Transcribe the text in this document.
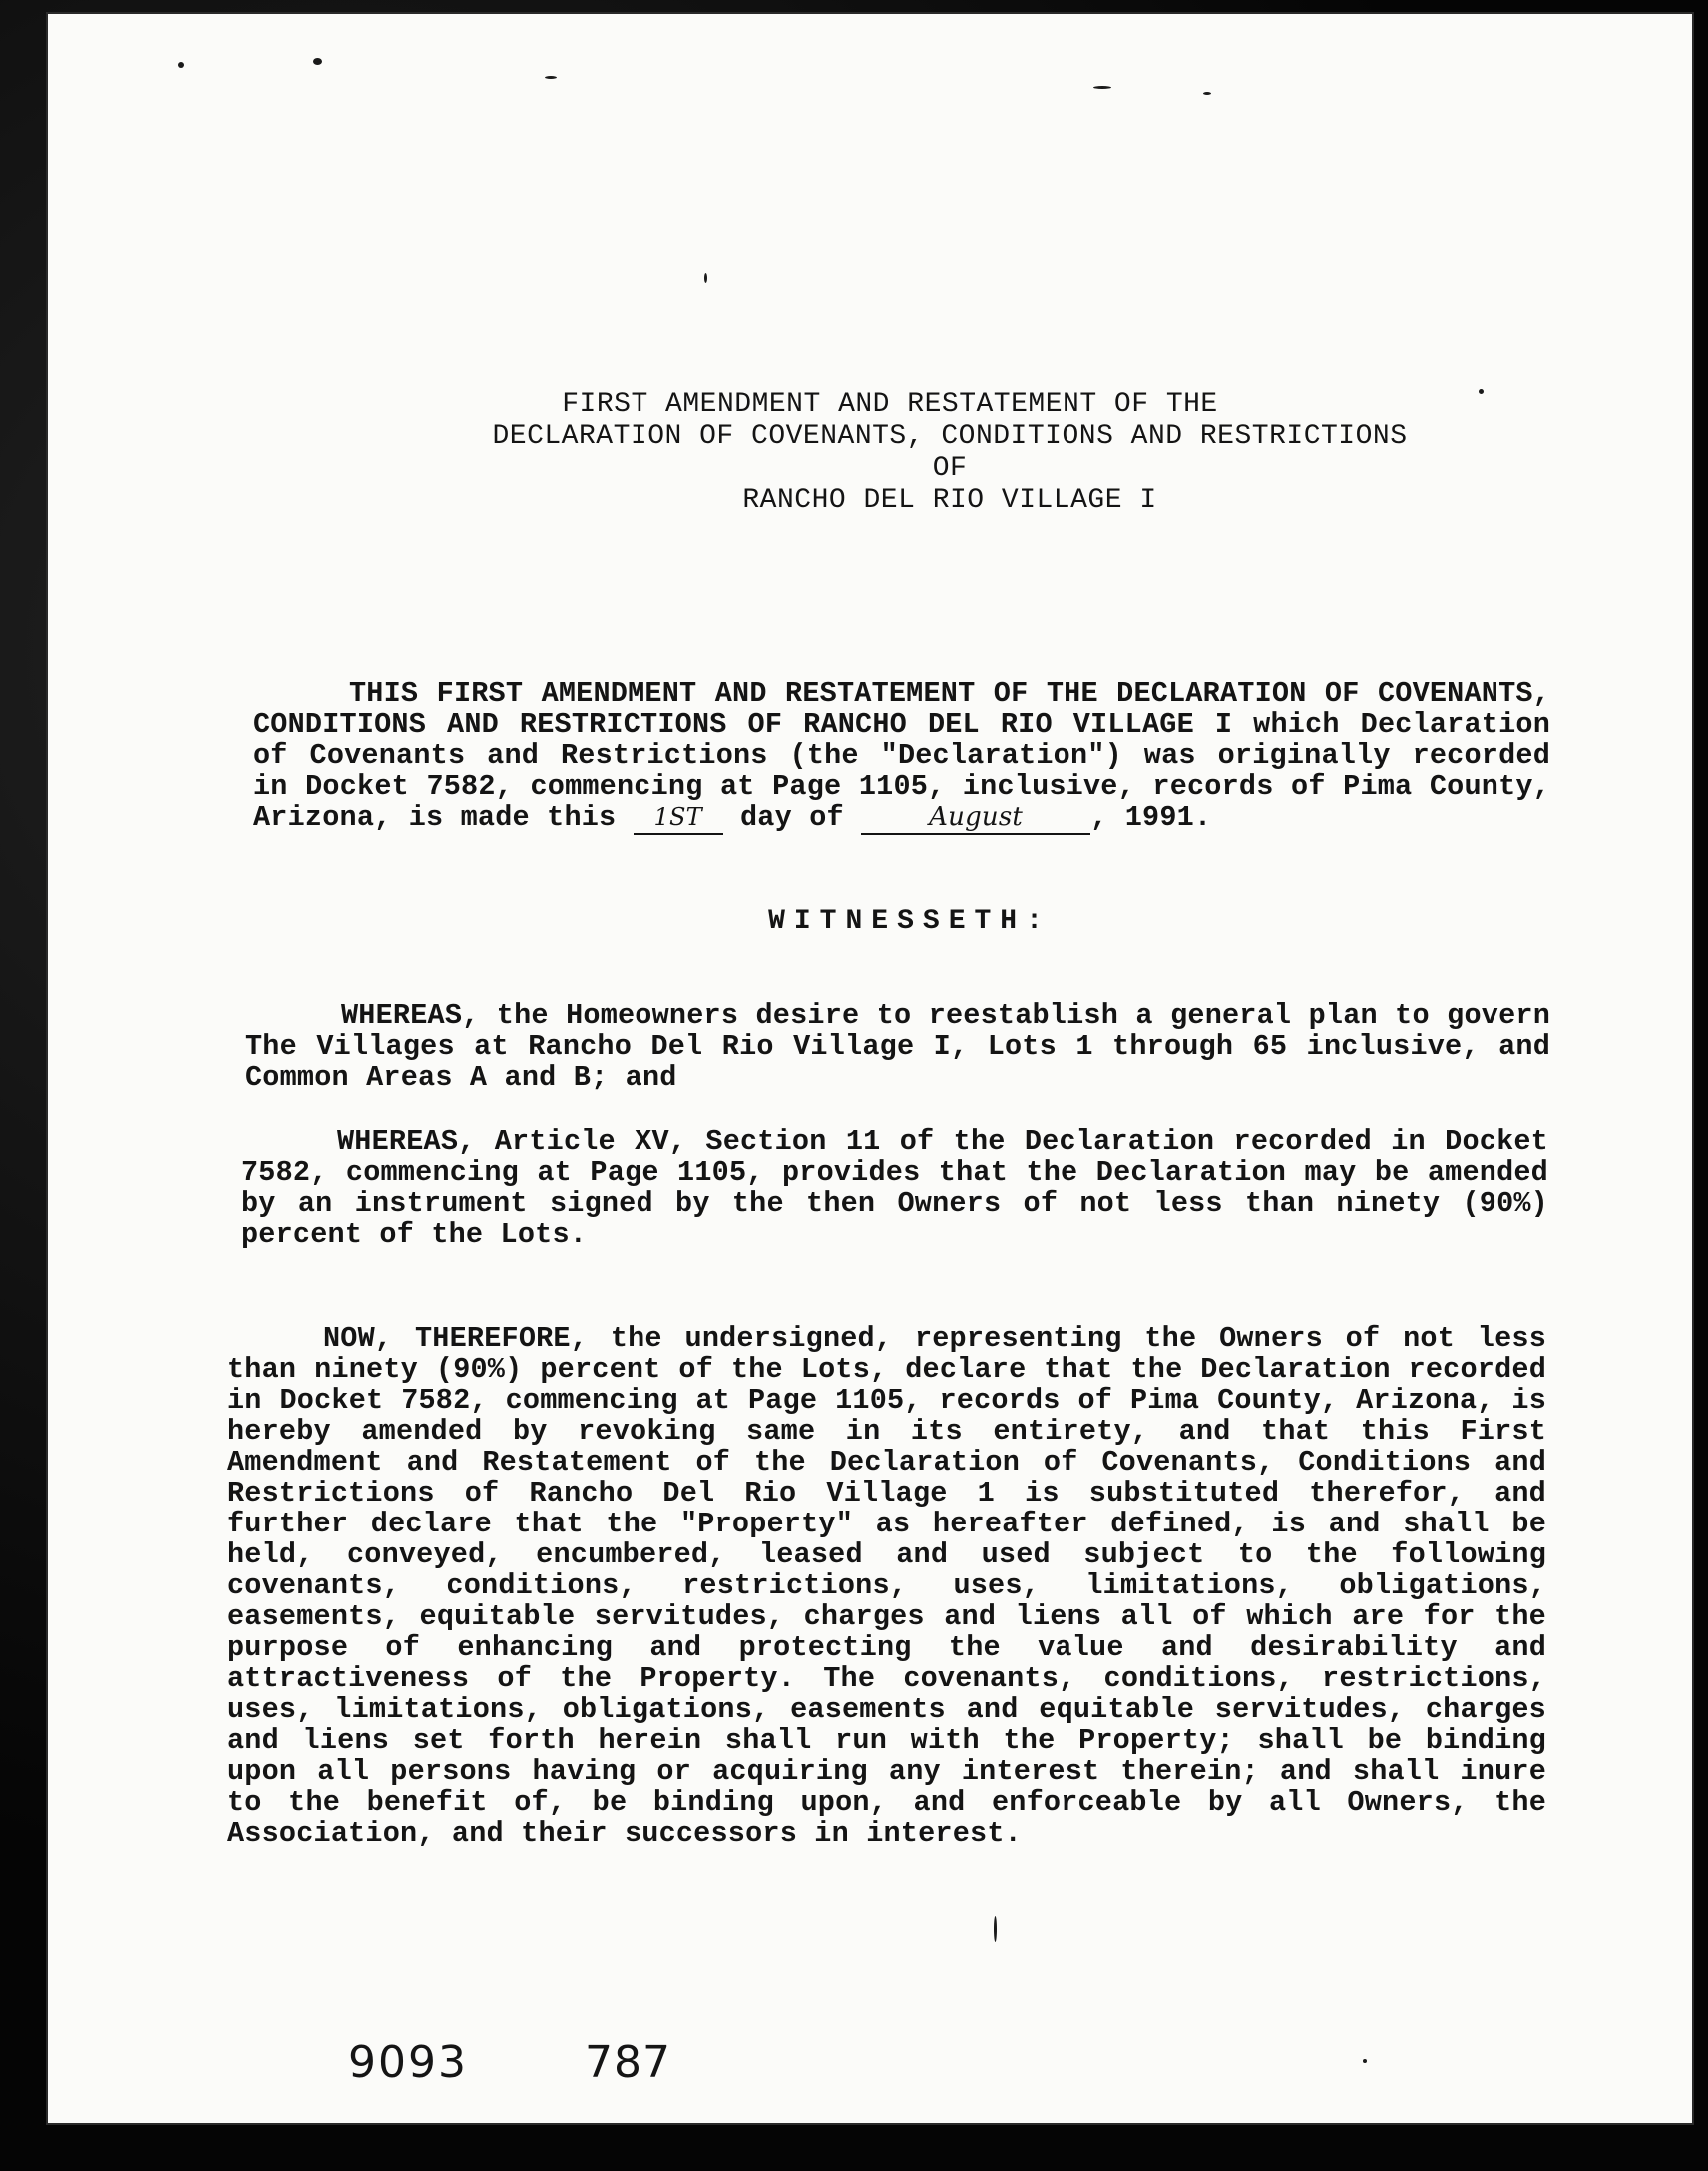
FIRST AMENDMENT AND RESTATEMENT OF THE
DECLARATION OF COVENANTS, CONDITIONS AND RESTRICTIONS
OF
RANCHO DEL RIO VILLAGE I
THIS FIRST AMENDMENT AND RESTATEMENT OF THE DECLARATION OF COVENANTS, CONDITIONS AND RESTRICTIONS OF RANCHO DEL RIO VILLAGE I which Declaration of Covenants and Restrictions (the "Declaration") was originally recorded in Docket 7582, commencing at Page 1105, inclusive, records of Pima County, Arizona, is made this 1ST day of	August , 1991.
WITNESSETH:
WHEREAS, the Homeowners desire to reestablish a general plan to govern The Villages at Rancho Del Rio Village I, Lots 1 through 65 inclusive, and Common Areas A and B; and
WHEREAS, Article XV, Section 11 of the Declaration recorded in Docket 7582, commencing at Page 1105, provides that the Declaration may be amended by an instrument signed by the then Owners of not less than ninety (90%) percent of the Lots.
NOW, THEREFORE, the undersigned, representing the Owners of not less than ninety (90%) percent of the Lots, declare that the Declaration recorded in Docket 7582, commencing at Page 1105, records of Pima County, Arizona, is hereby amended by revoking same in its entirety, and that this First Amendment and Restatement of the Declaration of Covenants, Conditions and Restrictions of Rancho Del Rio Village 1 is substituted therefor, and further declare that the "Property" as hereafter defined, is and shall be held, conveyed, encumbered, leased and used subject to the following covenants, conditions, restrictions, uses, limitations, obligations, easements, equitable servitudes, charges and liens all of which are for the purpose of enhancing and protecting the value and desirability and attractiveness of the Property. The covenants, conditions, restrictions, uses, limitations, obligations, easements and equitable servitudes, charges and liens set forth herein shall run with the Property; shall be binding upon all persons having or acquiring any interest therein; and shall inure to the benefit of, be binding upon, and enforceable by all Owners, the Association, and their successors in interest.
9093	787
